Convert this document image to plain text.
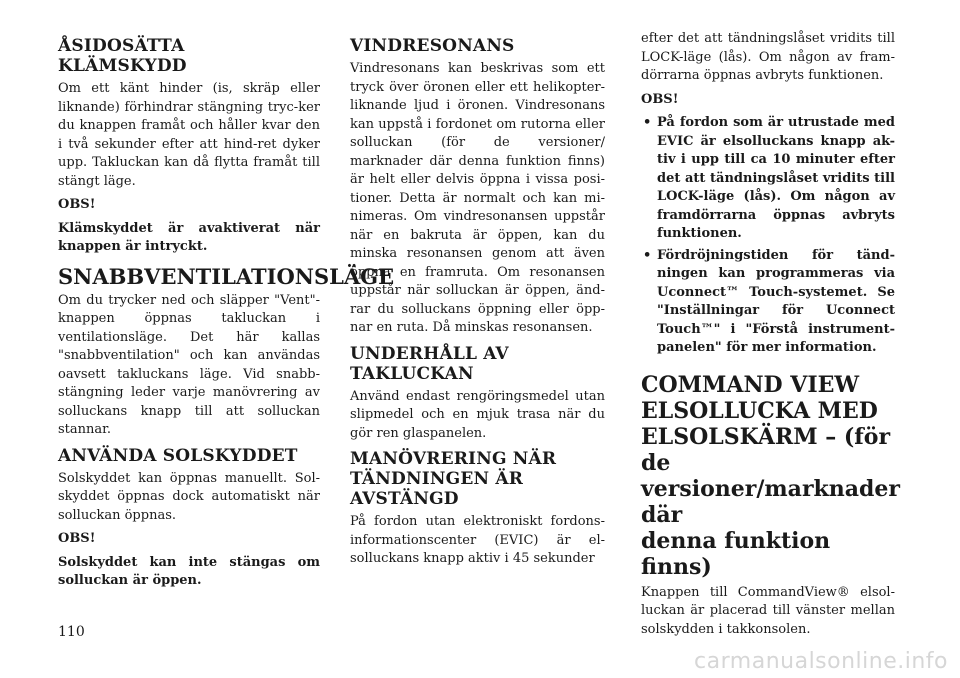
ÅSIDOSÄTTA
KLÄMSKYDD

Om ett känt hinder (is, skräp eller liknande) förhindrar stängning tryc-ker du knappen framåt och håller kvar den i två sekunder efter att hind-ret dyker upp. Takluckan kan då flytta framåt till stängt läge.

OBS!

Klämskyddet är avaktiverat när knappen är intryckt.

SNABBVENTILATIONSLÄGE

Om du trycker ned och släpper "Vent"-knappen öppnas takluckan i ventilationsläge. Det här kallas "snabbventilation" och kan användas oavsett takluckans läge. Vid snabb-stängning leder varje manövrering av solluckans knapp till att solluckan stannar.

ANVÄNDA SOLSKYDDET

Solskyddet kan öppnas manuellt. Sol-skyddet öppnas dock automatiskt när solluckan öppnas.

OBS!

Solskyddet kan inte stängas om solluckan är öppen.

VINDRESONANS

Vindresonans kan beskrivas som ett tryck över öronen eller ett helikopter-liknande ljud i öronen. Vindresonans kan uppstå i fordonet om rutorna eller solluckan (för de versioner/ marknader där denna funktion finns) är helt eller delvis öppna i vissa posi-tioner. Detta är normalt och kan mi-nimeras. Om vindresonansen uppstår när en bakruta är öppen, kan du minska resonansen genom att även öppna en framruta. Om resonansen uppstår när solluckan är öppen, änd-rar du solluckans öppning eller öpp-nar en ruta. Då minskas resonansen.

UNDERHÅLL AV
TAKLUCKAN

Använd endast rengöringsmedel utan slipmedel och en mjuk trasa när du gör ren glaspanelen.

MANÖVRERING NÄR
TÄNDNINGEN ÄR
AVSTÄNGD

På fordon utan elektroniskt fordons-informationscenter (EVIC) är el-solluckans knapp aktiv i 45 sekunder

efter det att tändningslåset vridits till LOCK-läge (lås). Om någon av fram-dörrarna öppnas avbryts funktionen.

OBS!

• På fordon som är utrustade med EVIC är elsolluckans knapp ak-tiv i upp till ca 10 minuter efter det att tändningslåset vridits till LOCK-läge (lås). Om någon av framdörrarna öppnas avbryts funktionen.
• Fördröjningstiden för tänd-ningen kan programmeras via Uconnect™ Touch-systemet. Se "Inställningar för Uconnect Touch™" i "Förstå instrument-panelen" för mer information.
COMMAND VIEW
ELSOLLUCKA MED
ELSOLSKÄRM – (för de
versioner/marknader där
denna funktion finns)

Knappen till CommandView® elsol-luckan är placerad till vänster mellan solskydden i takkonsolen.

110
carmanualsonline.info
